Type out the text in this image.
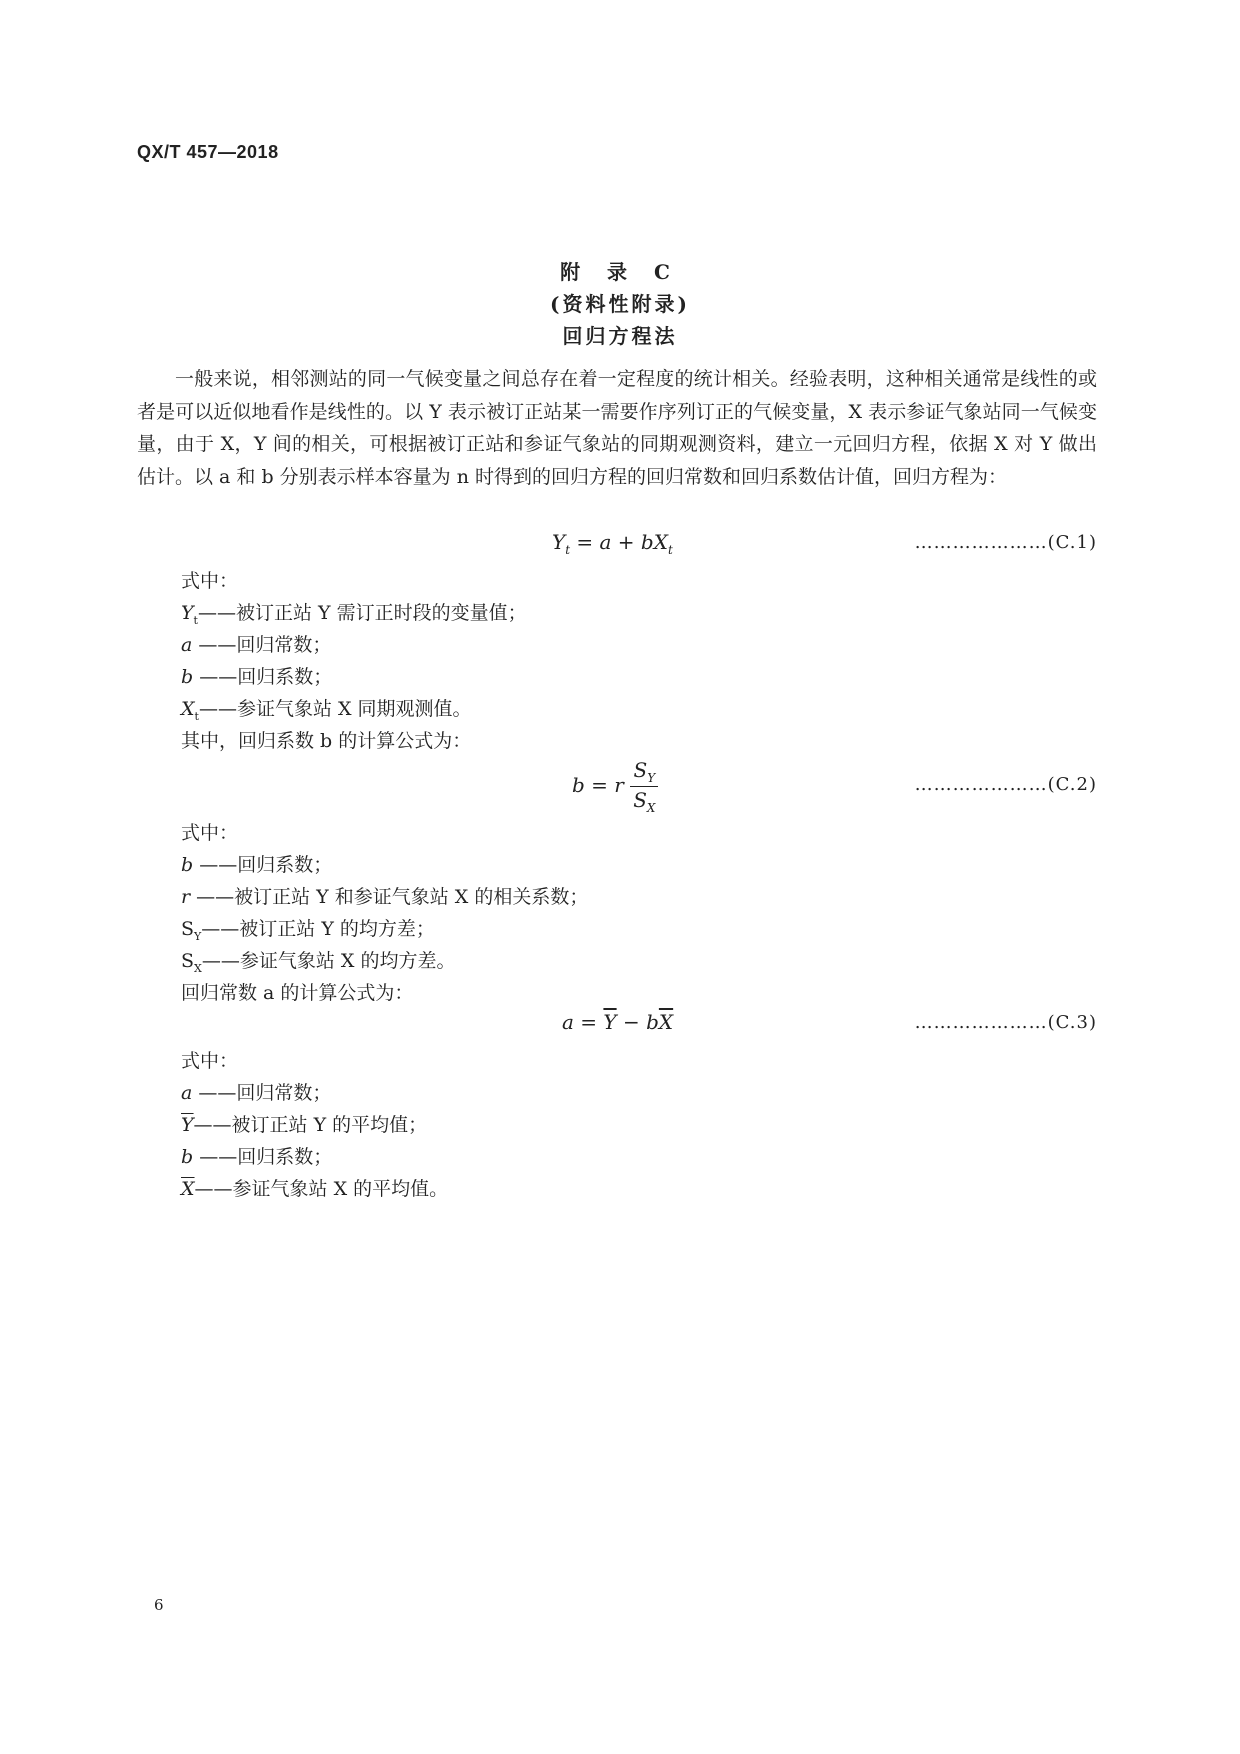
QX/T 457—2018
附 录 C
(资料性附录)
回归方程法

一般来说，相邻测站的同一气候变量之间总存在着一定程度的统计相关。经验表明，这种相关通常是线性的或者是可以近似地看作是线性的。以 Y 表示被订正站某一需要作序列订正的气候变量，X 表示参证气象站同一气候变量，由于 X，Y 间的相关，可根据被订正站和参证气象站的同期观测资料，建立一元回归方程，依据 X 对 Y 做出估计。以 a 和 b 分别表示样本容量为 n 时得到的回归方程的回归常数和回归系数估计值，回归方程为：

$Y_t = a + bX_t$	…………………(C.1)
式中：
$Y_t——$被订正站 Y 需订正时段的变量值；
a ——回归常数；
b ——回归系数；
$X_t——$参证气象站 X 同期观测值。
其中，回归系数 b 的计算公式为：
b = r $\frac{S_Y}{S_X}$	…………………(C.2)
式中：
b ——回归系数；
r ——被订正站 Y 和参证气象站 X 的相关系数；
$S_Y——$被订正站 Y 的均方差；
$S_X——$参证气象站 X 的均方差。
回归常数 a 的计算公式为：
$a = \overline{Y} - b\overline{X}$	…………………(C.3)
式中：
a ——回归常数；
$\overline{Y}——$被订正站 Y 的平均值；
b ——回归系数；
$\overline{X}——$参证气象站 X 的平均值。
6
